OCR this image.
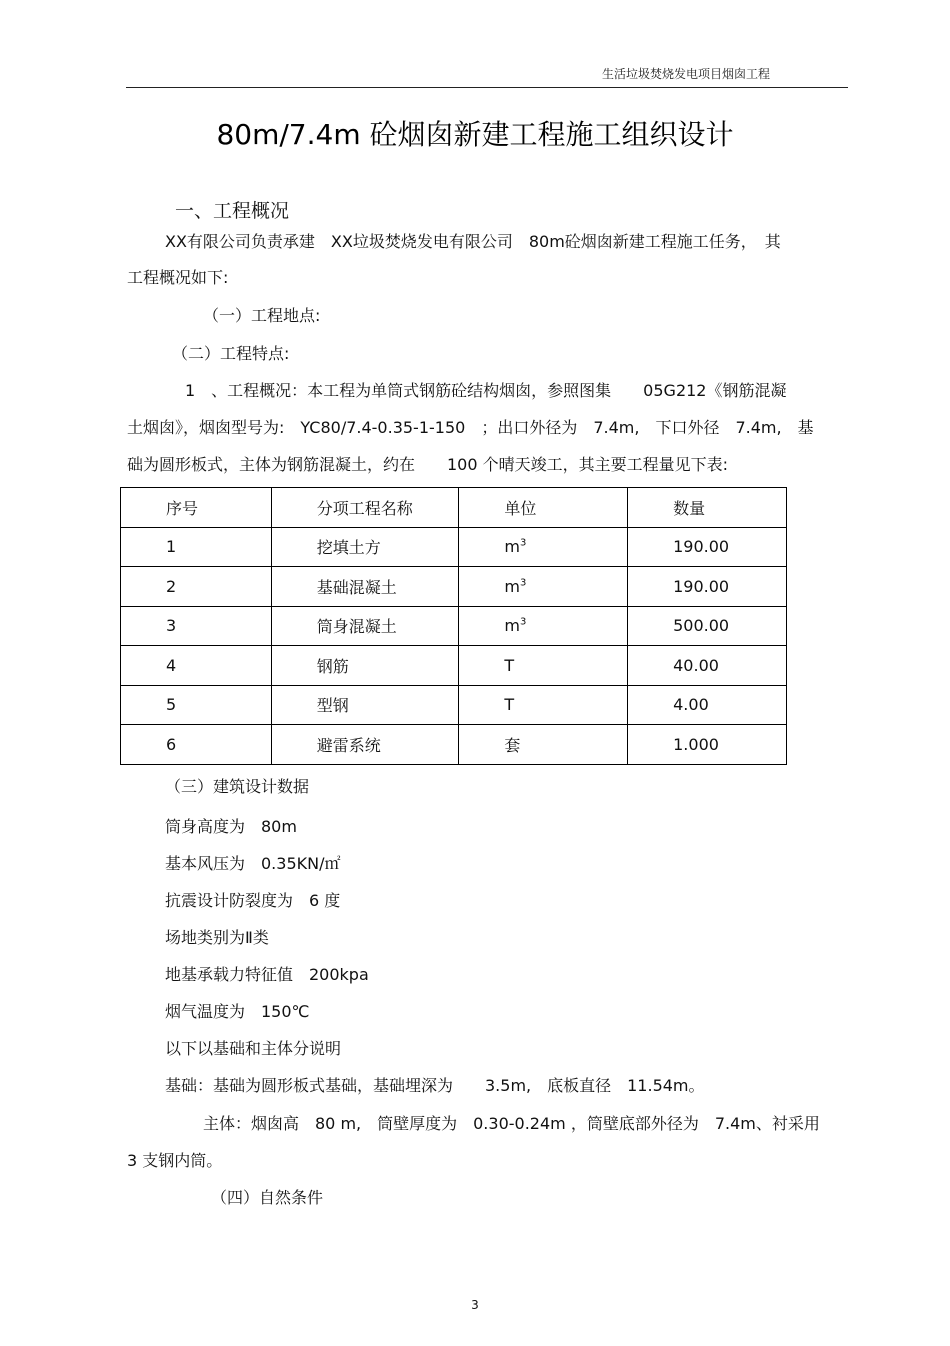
生活垃圾焚烧发电项目烟囱工程
80m/7.4m 砼烟囱新建工程施工组织设计
一、工程概况
XX有限公司负责承建　XX垃圾焚烧发电有限公司　80m砼烟囱新建工程施工任务，　其
工程概况如下:
（一）工程地点:
（二）工程特点:
1　、工程概况：本工程为单筒式钢筋砼结构烟囱，参照图集　　05G212《钢筋混凝
土烟囱》，烟囱型号为:　YC80/7.4-0.35-1-150　；出口外径为　7.4m,　下口外径　7.4m,　基
础为圆形板式，主体为钢筋混凝土，约在　　100 个晴天竣工，其主要工程量见下表:
序号	分项工程名称	单位	数量

1	挖填土方	$m^3$	190.00

2	基础混凝土	$m^3$	190.00

3	筒身混凝土	$m^3$	500.00

4	钢筋	T	40.00

5	型钢	T	4.00

6	避雷系统	套	1.000
（三）建筑设计数据
筒身高度为　80m
基本风压为　0.35KN/㎡
抗震设计防裂度为　6 度
场地类别为Ⅱ类
地基承载力特征值　200kpa
烟气温度为　150℃
以下以基础和主体分说明
基础：基础为圆形板式基础，基础埋深为　　3.5m,　底板直径　11.54m。
主体：烟囱高　80 m,　筒壁厚度为　0.30-0.24m ，筒壁底部外径为　7.4m、衬采用
3 支钢内筒。
（四）自然条件
3
